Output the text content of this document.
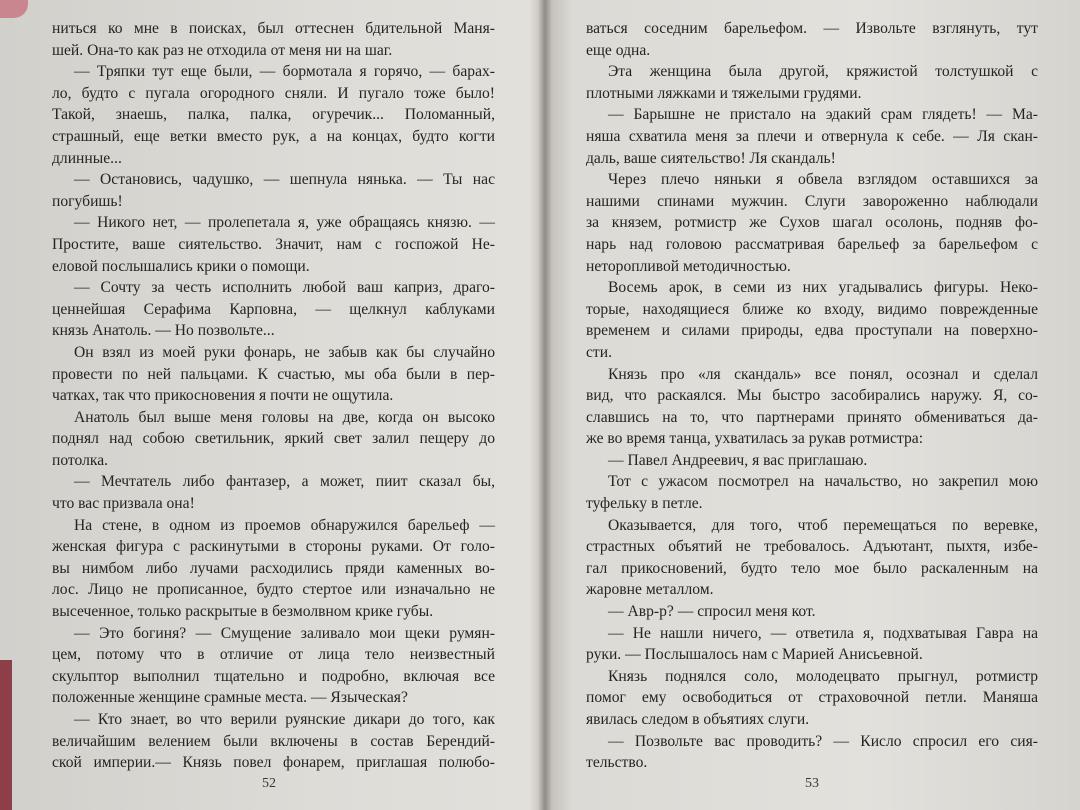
ниться ко мне в поисках, был оттеснен бдительной Маня-
шей. Она-то как раз не отходила от меня ни на шаг.
— Тряпки тут еще были, — бормотала я горячо, — барах-
ло, будто с пугала огородного сняли. И пугало тоже было!
Такой, знаешь, палка, палка, огуречик... Поломанный,
страшный, еще ветки вместо рук, а на концах, будто когти
длинные...
— Остановись, чадушко, — шепнула нянька. — Ты нас
погубишь!
— Никого нет, — пролепетала я, уже обращаясь князю. —
Простите, ваше сиятельство. Значит, нам с госпожой Не-
еловой послышались крики о помощи.
— Сочту за честь исполнить любой ваш каприз, драго-
ценнейшая Серафима Карповна, — щелкнул каблуками
князь Анатоль. — Но позвольте...
Он взял из моей руки фонарь, не забыв как бы случайно
провести по ней пальцами. К счастью, мы оба были в пер-
чатках, так что прикосновения я почти не ощутила.
Анатоль был выше меня головы на две, когда он высоко
поднял над собою светильник, яркий свет залил пещеру до
потолка.
— Мечтатель либо фантазер, а может, пиит сказал бы,
что вас призвала она!
На стене, в одном из проемов обнаружился барельеф —
женская фигура с раскинутыми в стороны руками. От голо-
вы нимбом либо лучами расходились пряди каменных во-
лос. Лицо не прописанное, будто стертое или изначально не
высеченное, только раскрытые в безмолвном крике губы.
— Это богиня? — Смущение заливало мои щеки румян-
цем, потому что в отличие от лица тело неизвестный
скульптор выполнил тщательно и подробно, включая все
положенные женщине срамные места. — Языческая?
— Кто знает, во что верили руянские дикари до того, как
величайшим велением были включены в состав Берендий-
ской империи.— Князь повел фонарем, приглашая полюбо-
ваться соседним барельефом. — Извольте взглянуть, тут
еще одна.
Эта женщина была другой, кряжистой толстушкой с
плотными ляжками и тяжелыми грудями.
— Барышне не пристало на эдакий срам глядеть! — Ма-
няша схватила меня за плечи и отвернула к себе. — Ля скан-
даль, ваше сиятельство! Ля скандаль!
Через плечо няньки я обвела взглядом оставшихся за
нашими спинами мужчин. Слуги завороженно наблюдали
за князем, ротмистр же Сухов шагал осолонь, подняв фо-
нарь над головою рассматривая барельеф за барельефом с
неторопливой методичностью.
Восемь арок, в семи из них угадывались фигуры. Неко-
торые, находящиеся ближе ко входу, видимо поврежденные
временем и силами природы, едва проступали на поверхно-
сти.
Князь про «ля скандаль» все понял, осознал и сделал
вид, что раскаялся. Мы быстро засобирались наружу. Я, со-
славшись на то, что партнерами принято обмениваться да-
же во время танца, ухватилась за рукав ротмистра:
— Павел Андреевич, я вас приглашаю.
Тот с ужасом посмотрел на начальство, но закрепил мою
туфельку в петле.
Оказывается, для того, чтоб перемещаться по веревке,
страстных объятий не требовалось. Адъютант, пыхтя, избе-
гал прикосновений, будто тело мое было раскаленным на
жаровне металлом.
— Авр-р? — спросил меня кот.
— Не нашли ничего, — ответила я, подхватывая Гавра на
руки. — Послышалось нам с Марией Анисьевной.
Князь поднялся соло, молодецвато прыгнул, ротмистр
помог ему освободиться от страховочной петли. Маняша
явилась следом в объятиях слуги.
— Позвольте вас проводить? — Кисло спросил его сия-
тельство.
52	53
